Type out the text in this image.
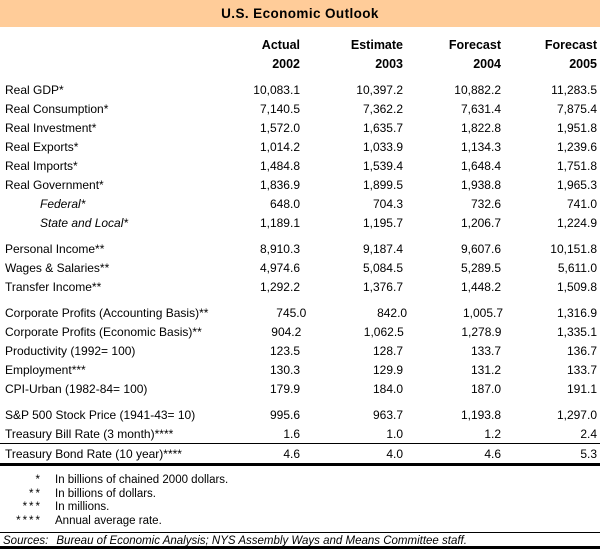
U.S. Economic Outlook
Actual	Estimate	Forecast	Forecast
2002	2003	2004	2005
Real GDP*	10,083.1	10,397.2	10,882.2	11,283.5
Real Consumption*	7,140.5	7,362.2	7,631.4	7,875.4
Real Investment*	1,572.0	1,635.7	1,822.8	1,951.8
Real Exports*	1,014.2	1,033.9	1,134.3	1,239.6
Real Imports*	1,484.8	1,539.4	1,648.4	1,751.8
Real Government*	1,836.9	1,899.5	1,938.8	1,965.3
Federal*	648.0	704.3	732.6	741.0
State and Local*	1,189.1	1,195.7	1,206.7	1,224.9
Personal Income**	8,910.3	9,187.4	9,607.6	10,151.8
Wages & Salaries**	4,974.6	5,084.5	5,289.5	5,611.0
Transfer Income**	1,292.2	1,376.7	1,448.2	1,509.8
Corporate Profits (Accounting Basis)**	745.0	842.0	1,005.7	1,316.9
Corporate Profits (Economic Basis)**	904.2	1,062.5	1,278.9	1,335.1
Productivity (1992= 100)	123.5	128.7	133.7	136.7
Employment***	130.3	129.9	131.2	133.7
CPI-Urban (1982-84= 100)	179.9	184.0	187.0	191.1
S&P 500 Stock Price (1941-43= 10)	995.6	963.7	1,193.8	1,297.0
Treasury Bill Rate (3 month)****	1.6	1.0	1.2	2.4
Treasury Bond Rate (10 year)****	4.6	4.0	4.6	5.3
* In billions of chained 2000 dollars.
** In billions of dollars.
*** In millions.
**** Annual average rate.
Sources: Bureau of Economic Analysis; NYS Assembly Ways and Means Committee staff.
